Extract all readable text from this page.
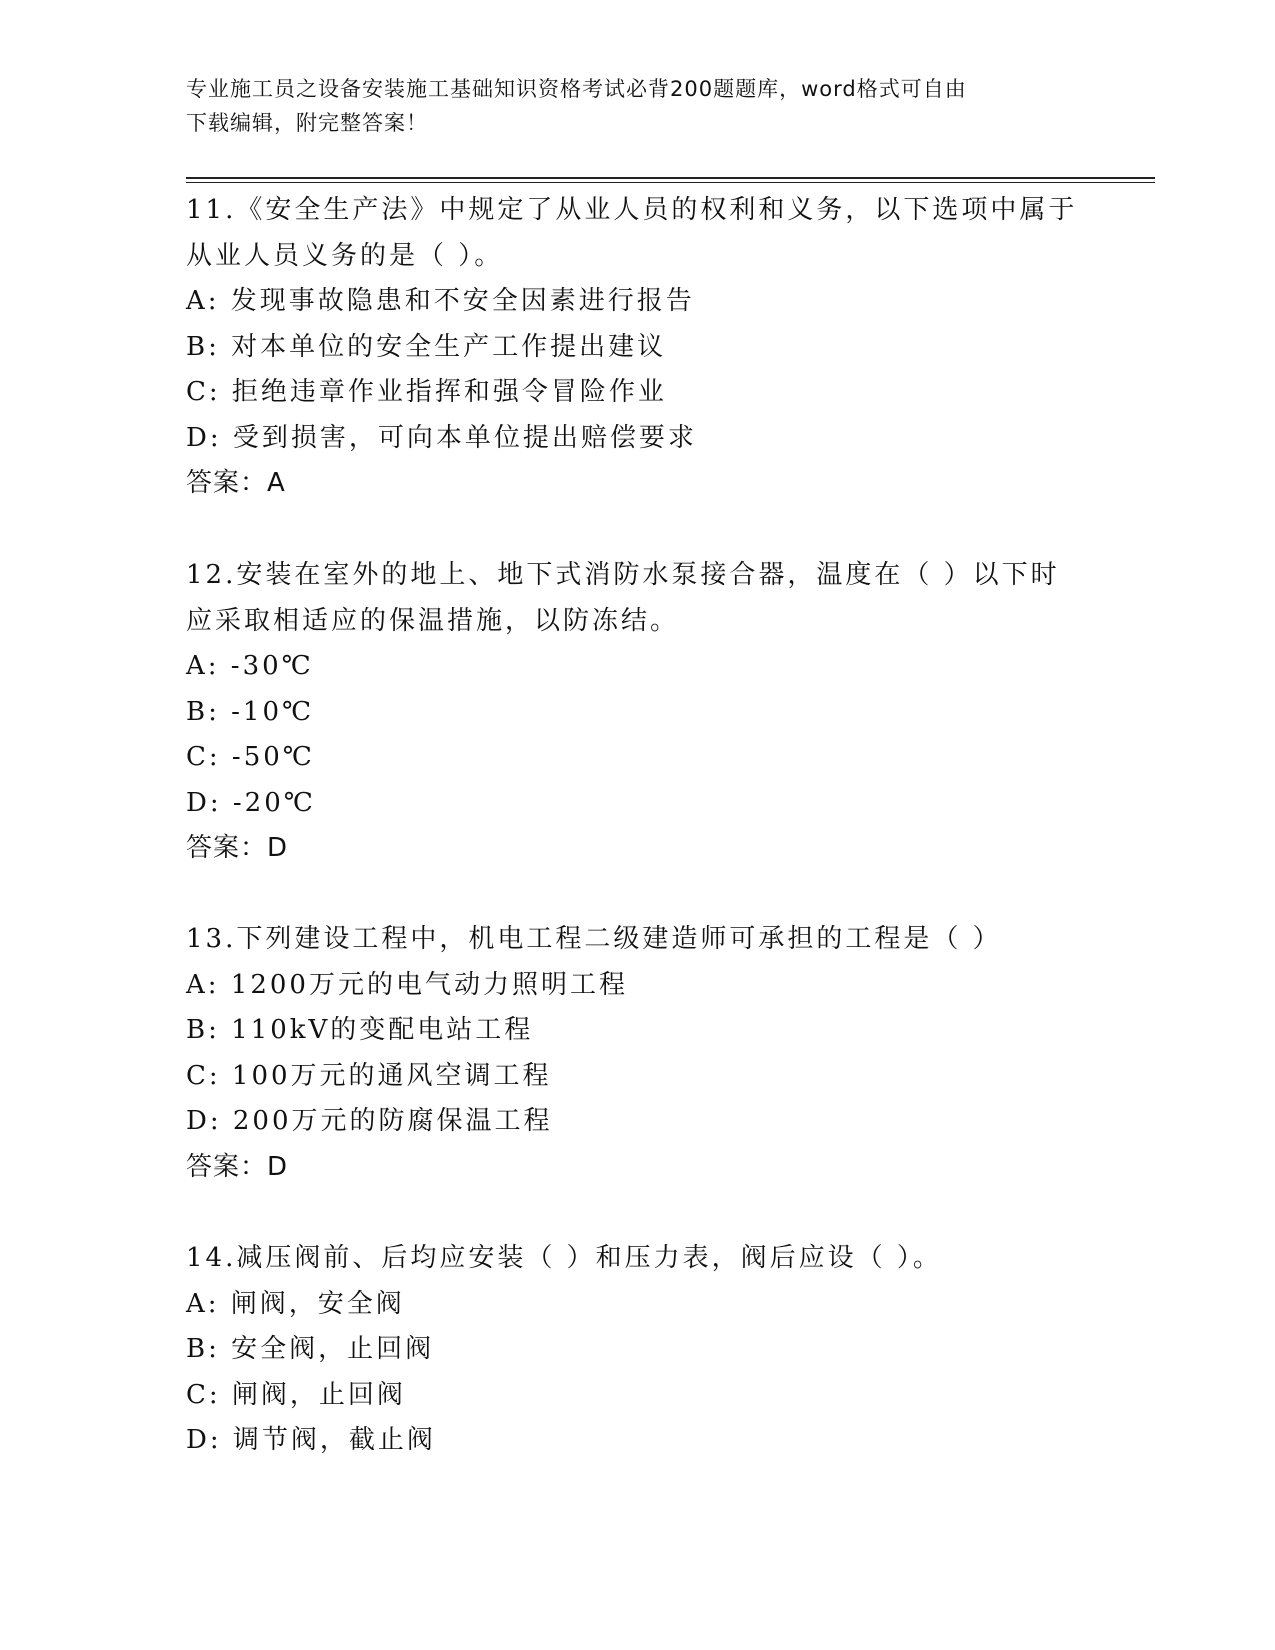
专业施工员之设备安装施工基础知识资格考试必背200题题库，word格式可自由
下载编辑，附完整答案！
11.《安全生产法》中规定了从业人员的权利和义务，以下选项中属于
从业人员义务的是（ ）。
A: 发现事故隐患和不安全因素进行报告
B: 对本单位的安全生产工作提出建议
C: 拒绝违章作业指挥和强令冒险作业
D: 受到损害，可向本单位提出赔偿要求
答案：A
12.安装在室外的地上、地下式消防水泵接合器，温度在（ ）以下时
应采取相适应的保温措施，以防冻结。
A: -30℃
B: -10℃
C: -50℃
D: -20℃
答案：D
13.下列建设工程中，机电工程二级建造师可承担的工程是（ ）
A: 1200万元的电气动力照明工程
B: 110kV的变配电站工程
C: 100万元的通风空调工程
D: 200万元的防腐保温工程
答案：D
14.减压阀前、后均应安装（ ）和压力表，阀后应设（ ）。
A: 闸阀，安全阀
B: 安全阀，止回阀
C: 闸阀，止回阀
D: 调节阀，截止阀
